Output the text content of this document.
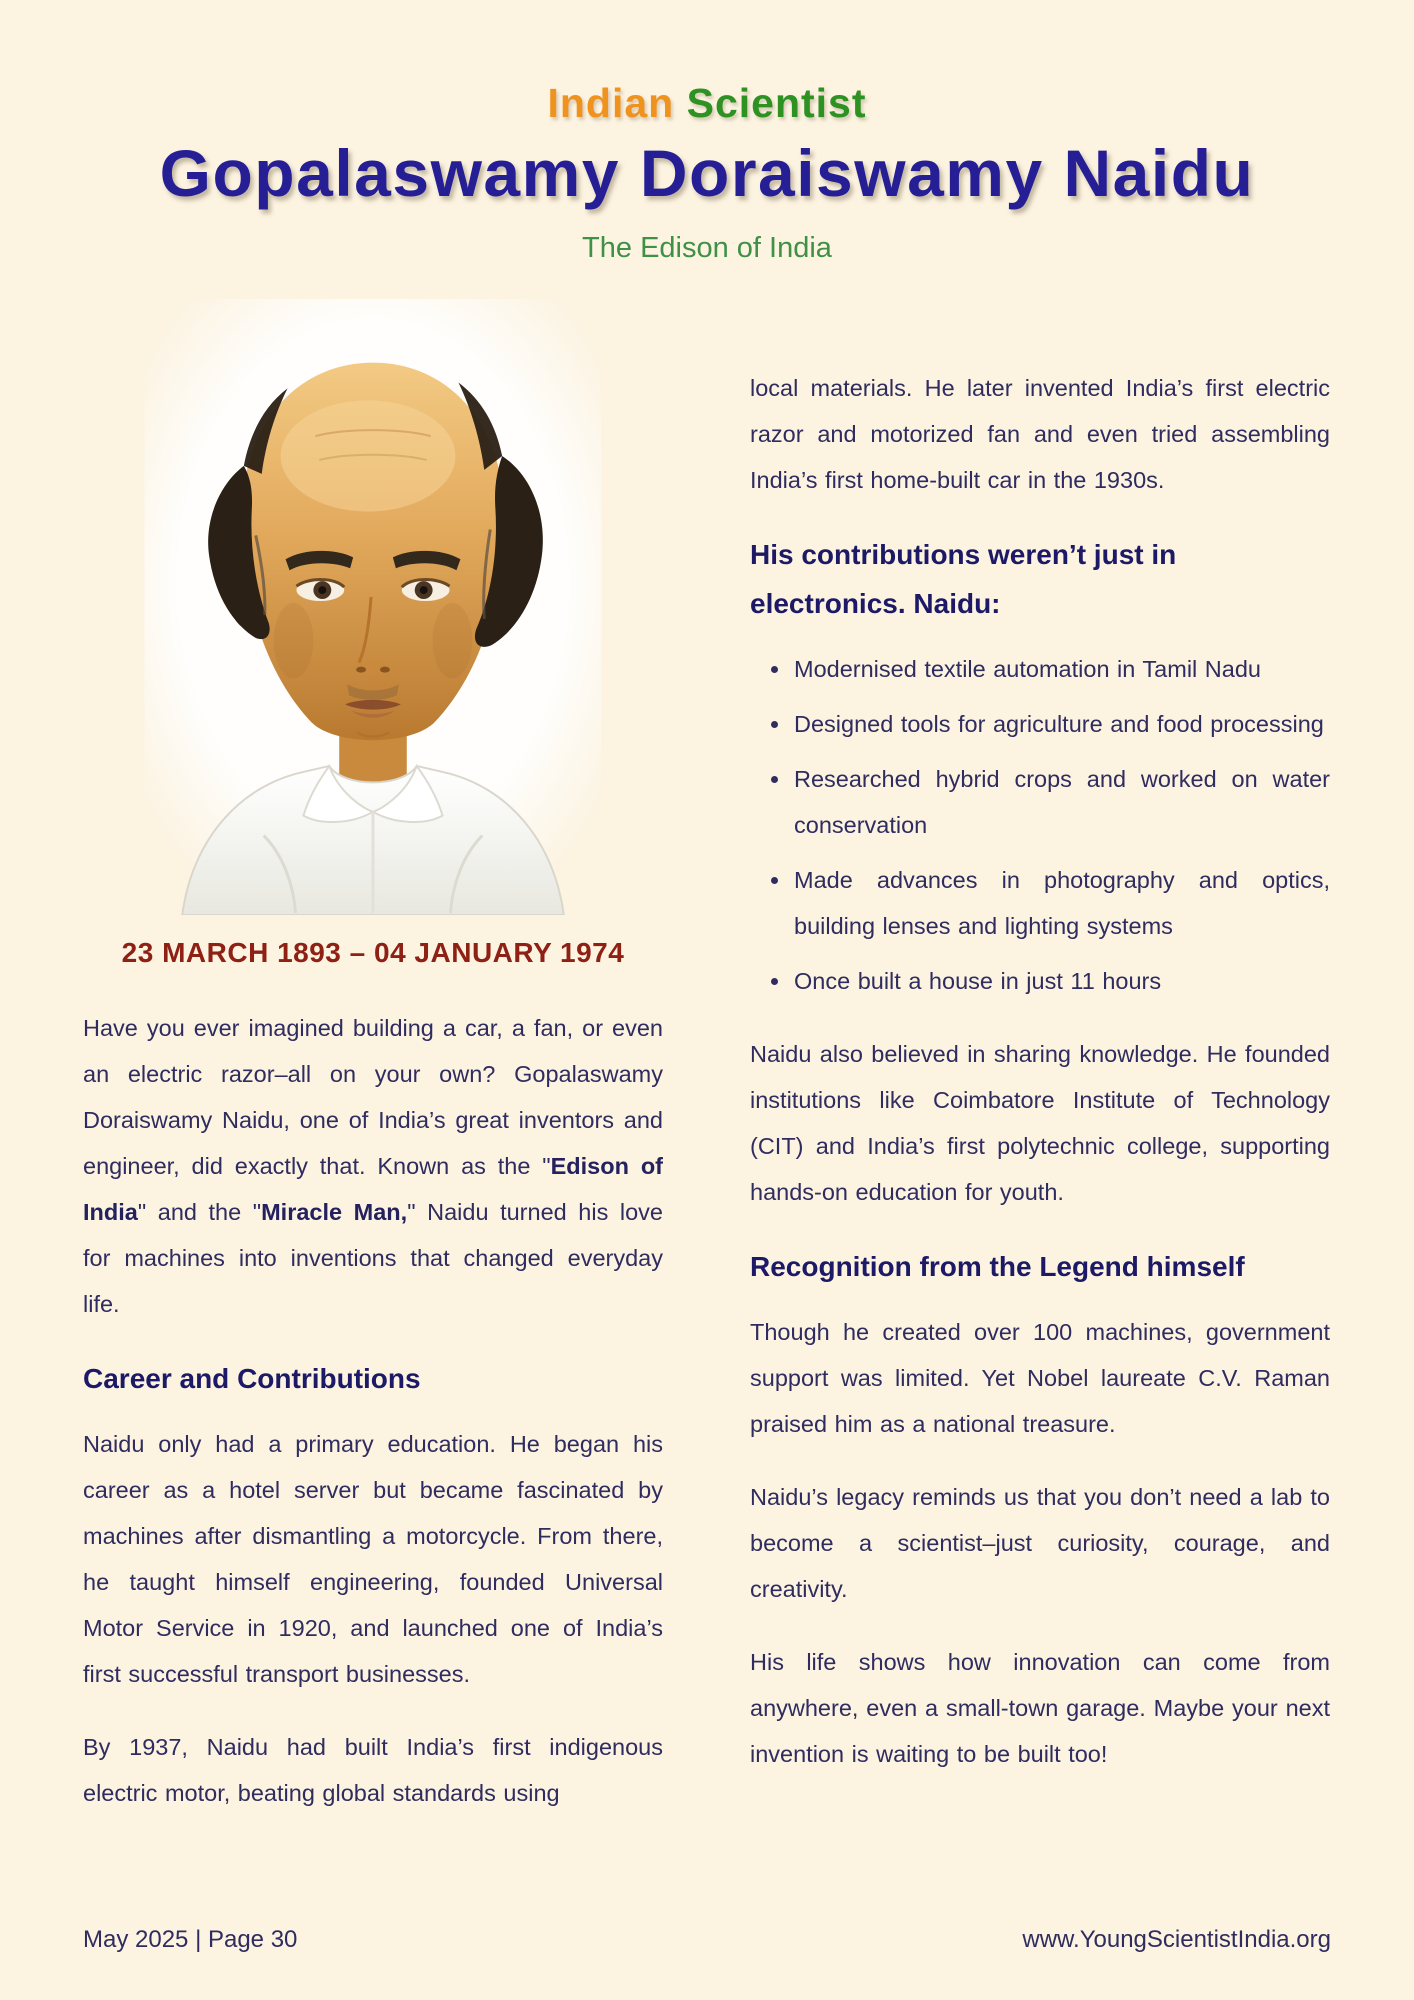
Indian Scientist
Gopalaswamy Doraiswamy Naidu
The Edison of India
23 MARCH 1893 – 04 JANUARY 1974

Have you ever imagined building a car, a fan, or even an electric razor–all on your own? Gopalaswamy Doraiswamy Naidu, one of India’s great inventors and engineer, did exactly that. Known as the "Edison of India" and the "Miracle Man," Naidu turned his love for machines into inventions that changed everyday life.

Career and Contributions

Naidu only had a primary education. He began his career as a hotel server but became fascinated by machines after dismantling a motorcycle. From there, he taught himself engineering, founded Universal Motor Service in 1920, and launched one of India’s first successful transport businesses.

By 1937, Naidu had built India’s first indigenous electric motor, beating global standards using

local materials. He later invented India’s first electric razor and motorized fan and even tried assembling India’s first home-built car in the 1930s.

His contributions weren’t just in electronics. Naidu:
• Modernised textile automation in Tamil Nadu
• Designed tools for agriculture and food processing
• Researched hybrid crops and worked on water conservation
• Made advances in photography and optics, building lenses and lighting systems
• Once built a house in just 11 hours

Naidu also believed in sharing knowledge. He founded institutions like Coimbatore Institute of Technology (CIT) and India’s first polytechnic college, supporting hands-on education for youth.

Recognition from the Legend himself

Though he created over 100 machines, government support was limited. Yet Nobel laureate C.V. Raman praised him as a national treasure.

Naidu’s legacy reminds us that you don’t need a lab to become a scientist–just curiosity, courage, and creativity.

His life shows how innovation can come from anywhere, even a small-town garage. Maybe your next invention is waiting to be built too!

May 2025 | Page 30	www.YoungScientistIndia.org
